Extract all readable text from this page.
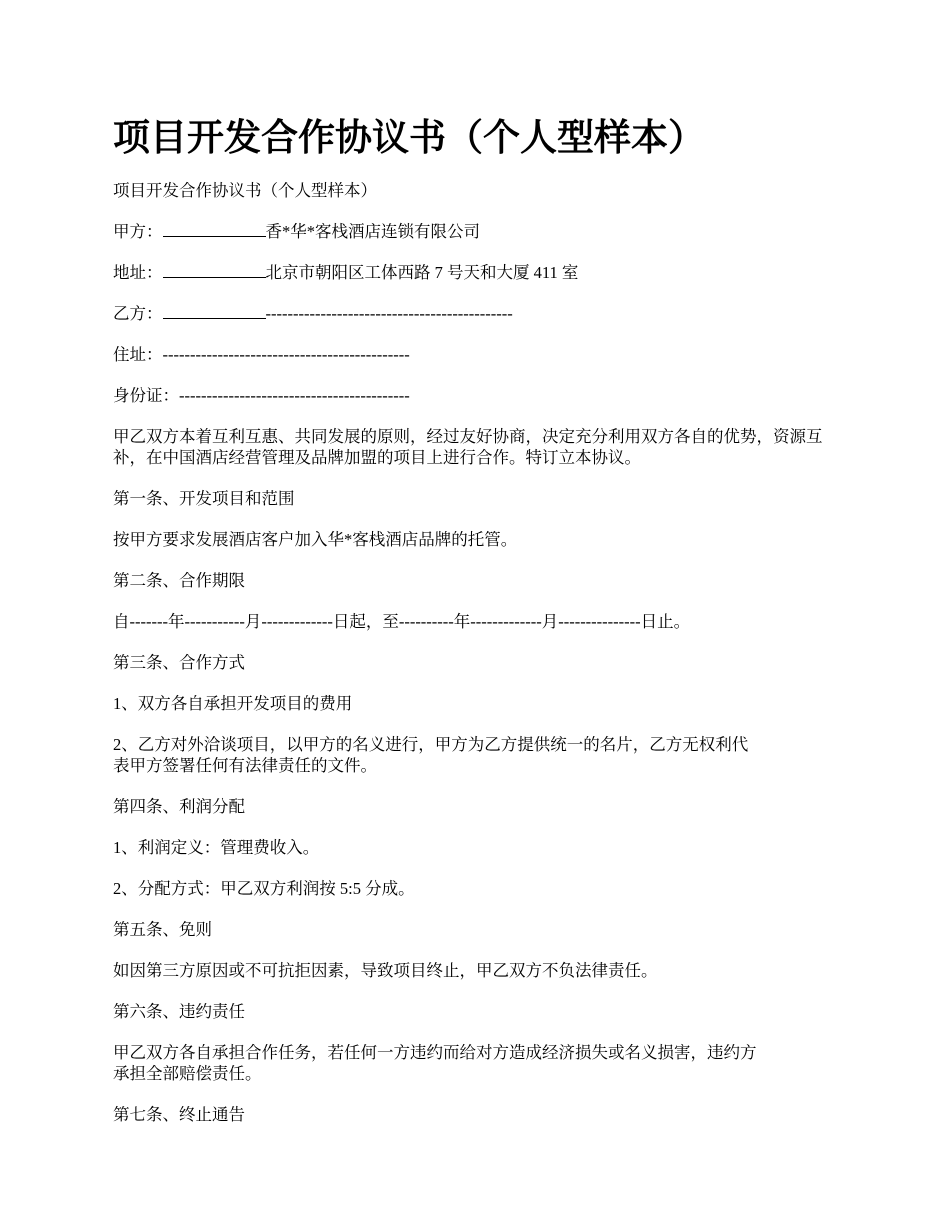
项目开发合作协议书（个人型样本）

项目开发合作协议书（个人型样本）

甲方：	香*华*客栈酒店连锁有限公司

地址：	北京市朝阳区工体西路 7 号天和大厦 411 室

乙方：	---------------------------------------------

住址：---------------------------------------------

身份证：------------------------------------------

甲乙双方本着互利互惠、共同发展的原则，经过友好协商，决定充分利用双方各自的优势，资源互补，在中国酒店经营管理及品牌加盟的项目上进行合作。特订立本协议。

第一条、开发项目和范围

按甲方要求发展酒店客户加入华*客栈酒店品牌的托管。

第二条、合作期限

自-------年-----------月-------------日起，至----------年-------------月---------------日止。

第三条、合作方式

1、双方各自承担开发项目的费用

2、乙方对外洽谈项目，以甲方的名义进行，甲方为乙方提供统一的名片，乙方无权利代
表甲方签署任何有法律责任的文件。

第四条、利润分配

1、利润定义：管理费收入。

2、分配方式：甲乙双方利润按 5:5 分成。

第五条、免则

如因第三方原因或不可抗拒因素，导致项目终止，甲乙双方不负法律责任。

第六条、违约责任

甲乙双方各自承担合作任务，若任何一方违约而给对方造成经济损失或名义损害，违约方
承担全部赔偿责任。

第七条、终止通告
